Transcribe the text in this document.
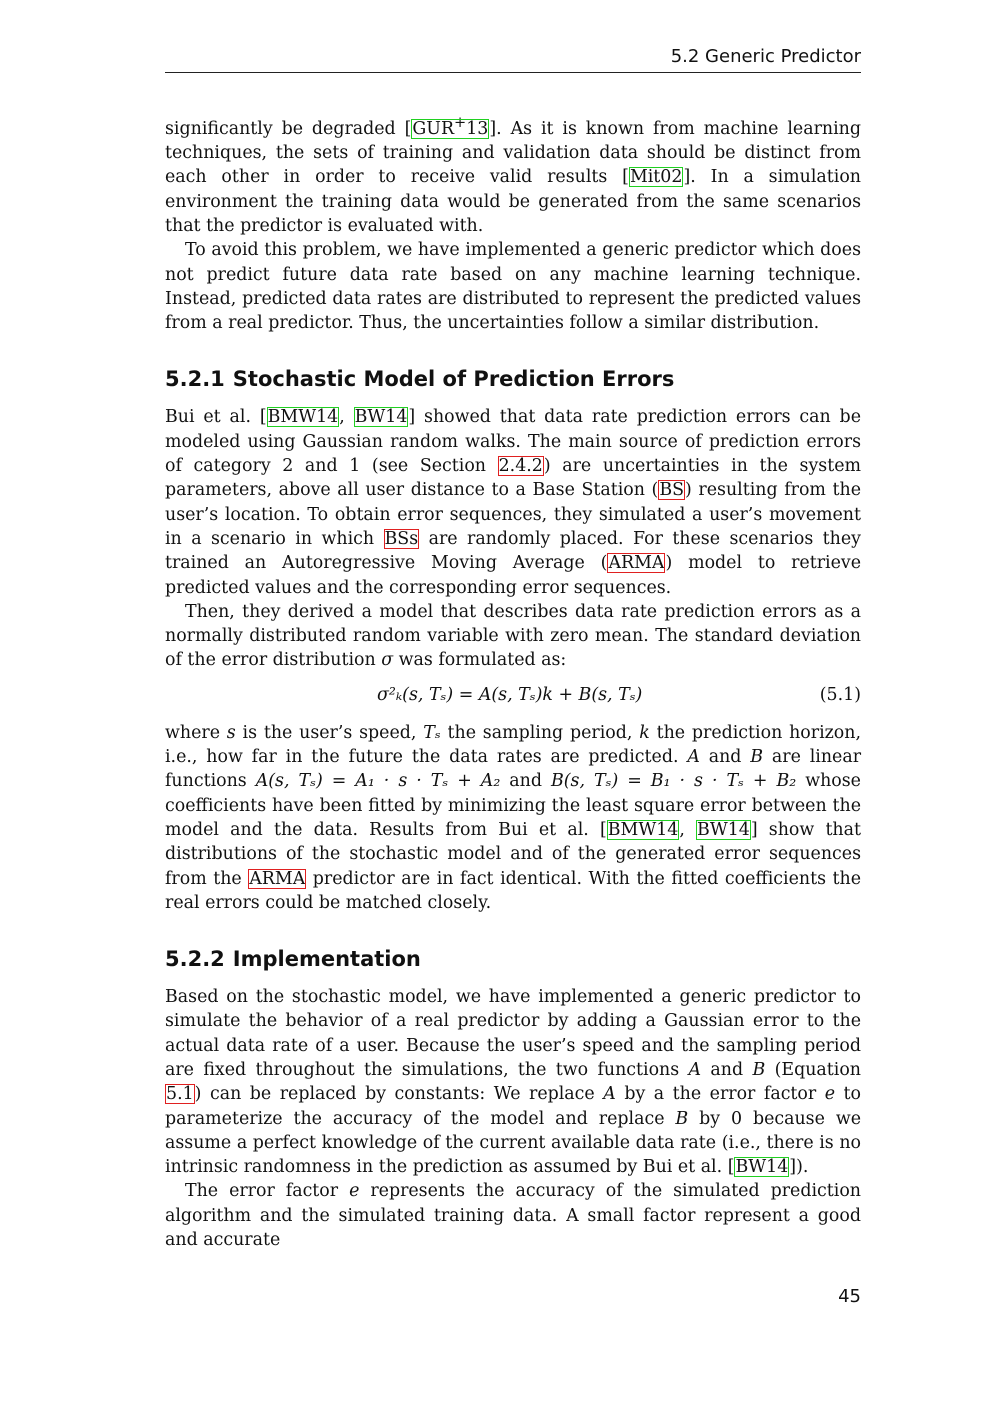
5.2 Generic Predictor

significantly be degraded [GUR+13]. As it is known from machine learning techniques, the sets of training and validation data should be distinct from each other in order to receive valid results [Mit02]. In a simulation environment the training data would be generated from the same scenarios that the predictor is evaluated with.

To avoid this problem, we have implemented a generic predictor which does not predict future data rate based on any machine learning technique. Instead, predicted data rates are distributed to represent the predicted values from a real predictor. Thus, the uncertainties follow a similar distribution.

5.2.1 Stochastic Model of Prediction Errors

Bui et al. [BMW14, BW14] showed that data rate prediction errors can be modeled using Gaussian random walks. The main source of prediction errors of category 2 and 1 (see Section 2.4.2) are uncertainties in the system parameters, above all user distance to a Base Station (BS) resulting from the user’s location. To obtain error sequences, they simulated a user’s movement in a scenario in which BSs are randomly placed. For these scenarios they trained an Autoregressive Moving Average (ARMA) model to retrieve predicted values and the corresponding error sequences.

Then, they derived a model that describes data rate prediction errors as a normally distributed random variable with zero mean. The standard deviation of the error distribution σ was formulated as:

σ²ₖ(s, Tₛ) = A(s, Tₛ)k + B(s, Tₛ)	(5.1)

where s is the user’s speed, Tₛ the sampling period, k the prediction horizon, i.e., how far in the future the data rates are predicted. A and B are linear functions A(s, Tₛ) = A₁ · s · Tₛ + A₂ and B(s, Tₛ) = B₁ · s · Tₛ + B₂ whose coefficients have been fitted by minimizing the least square error between the model and the data. Results from Bui et al. [BMW14, BW14] show that distributions of the stochastic model and of the generated error sequences from the ARMA predictor are in fact identical. With the fitted coefficients the real errors could be matched closely.

5.2.2 Implementation

Based on the stochastic model, we have implemented a generic predictor to simulate the behavior of a real predictor by adding a Gaussian error to the actual data rate of a user. Because the user’s speed and the sampling period are fixed throughout the simulations, the two functions A and B (Equation 5.1) can be replaced by constants: We replace A by a the error factor e to parameterize the accuracy of the model and replace B by 0 because we assume a perfect knowledge of the current available data rate (i.e., there is no intrinsic randomness in the prediction as assumed by Bui et al. [BW14]).

The error factor e represents the accuracy of the simulated prediction algorithm and the simulated training data. A small factor represent a good and accurate

45
